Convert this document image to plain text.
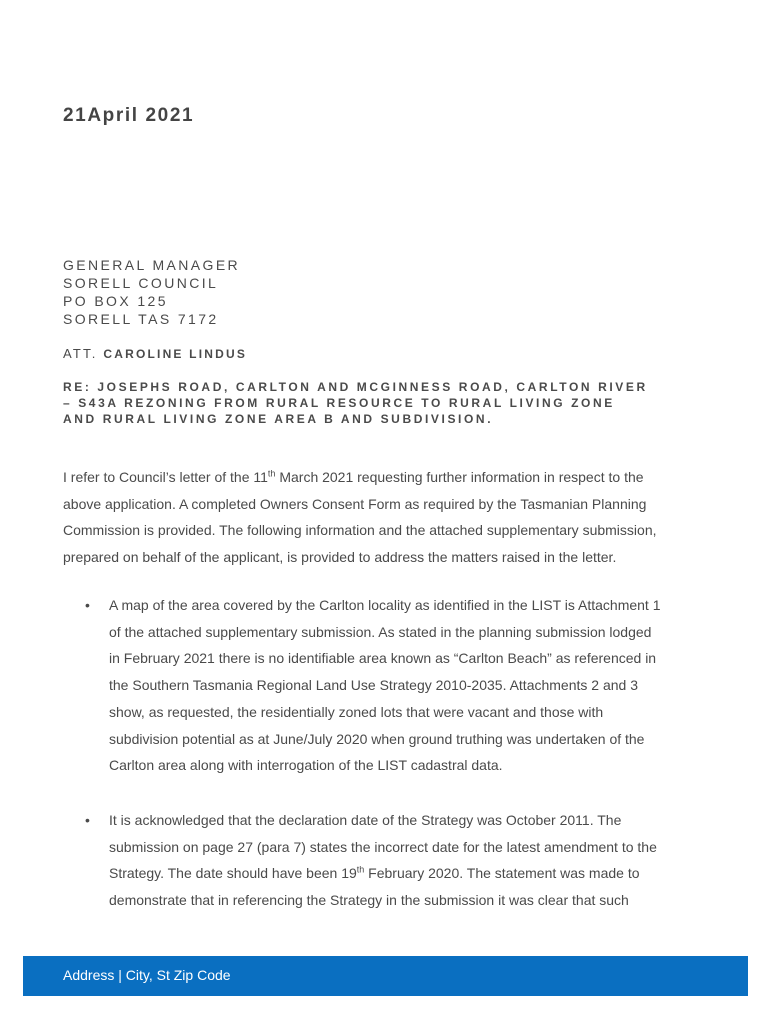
21April 2021
GENERAL MANAGER
SORELL COUNCIL
PO BOX 125
SORELL TAS 7172
ATT. CAROLINE LINDUS
RE: JOSEPHS ROAD, CARLTON AND MCGINNESS ROAD, CARLTON RIVER
– S43A REZONING FROM RURAL RESOURCE TO RURAL LIVING ZONE
AND RURAL LIVING ZONE AREA B AND SUBDIVISION.
I refer to Council’s letter of the 11th March 2021 requesting further information in respect to the
above application. A completed Owners Consent Form as required by the Tasmanian Planning
Commission is provided. The following information and the attached supplementary submission,
prepared on behalf of the applicant, is provided to address the matters raised in the letter.
• A map of the area covered by the Carlton locality as identified in the LIST is Attachment 1
of the attached supplementary submission. As stated in the planning submission lodged
in February 2021 there is no identifiable area known as “Carlton Beach” as referenced in
the Southern Tasmania Regional Land Use Strategy 2010-2035. Attachments 2 and 3
show, as requested, the residentially zoned lots that were vacant and those with
subdivision potential as at June/July 2020 when ground truthing was undertaken of the
Carlton area along with interrogation of the LIST cadastral data.
• It is acknowledged that the declaration date of the Strategy was October 2011. The
submission on page 27 (para 7) states the incorrect date for the latest amendment to the
Strategy. The date should have been 19th February 2020. The statement was made to
demonstrate that in referencing the Strategy in the submission it was clear that such
Address | City, St Zip Code
